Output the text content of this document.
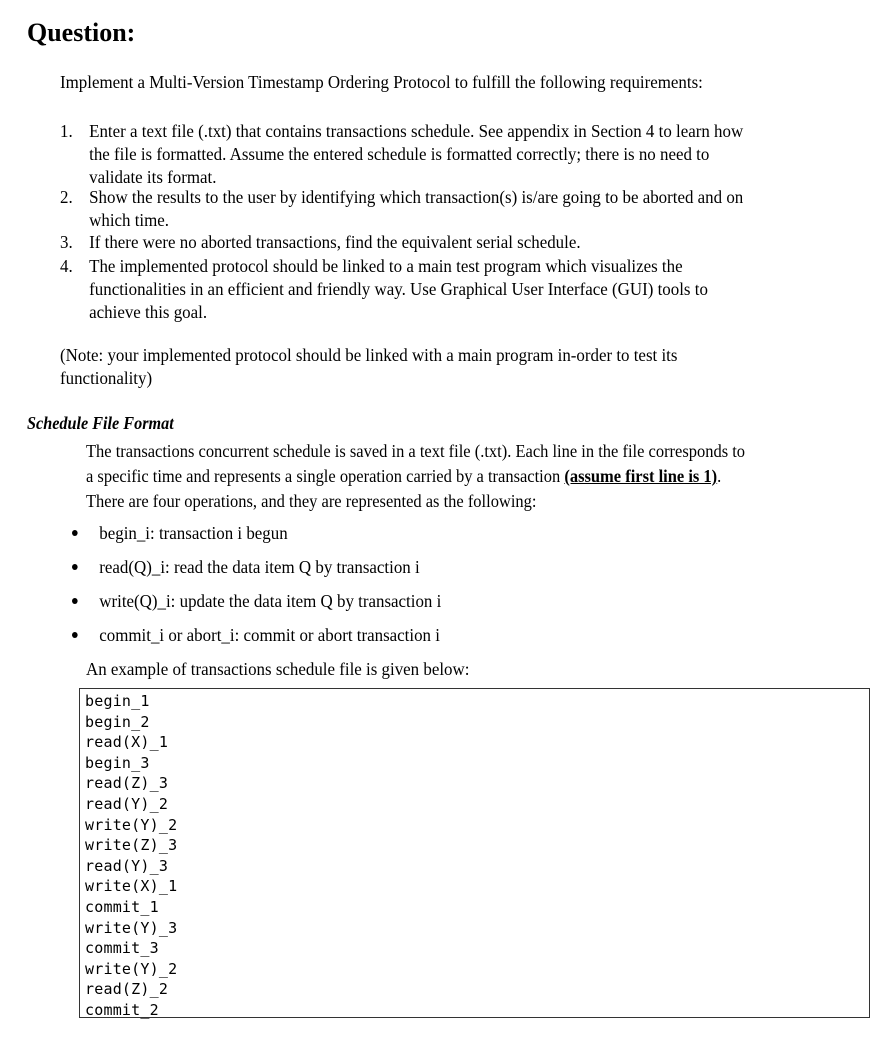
Question:
Implement a Multi-Version Timestamp Ordering Protocol to fulfill the following requirements:
1. Enter a text file (.txt) that contains transactions schedule. See appendix in Section 4 to learn how
the file is formatted. Assume the entered schedule is formatted correctly; there is no need to
validate its format.
2. Show the results to the user by identifying which transaction(s) is/are going to be aborted and on
which time.
3. If there were no aborted transactions, find the equivalent serial schedule.
4. The implemented protocol should be linked to a main test program which visualizes the
functionalities in an efficient and friendly way. Use Graphical User Interface (GUI) tools to
achieve this goal.
(Note: your implemented protocol should be linked with a main program in-order to test its
functionality)
Schedule File Format
The transactions concurrent schedule is saved in a text file (.txt). Each line in the file corresponds to
a specific time and represents a single operation carried by a transaction (assume first line is 1).
There are four operations, and they are represented as the following:
begin_i: transaction i begun
read(Q)_i: read the data item Q by transaction i
write(Q)_i: update the data item Q by transaction i
commit_i or abort_i: commit or abort transaction i
An example of transactions schedule file is given below:
begin_1
begin_2
read(X)_1
begin_3
read(Z)_3
read(Y)_2
write(Y)_2
write(Z)_3
read(Y)_3
write(X)_1
commit_1
write(Y)_3
commit_3
write(Y)_2
read(Z)_2
commit_2
